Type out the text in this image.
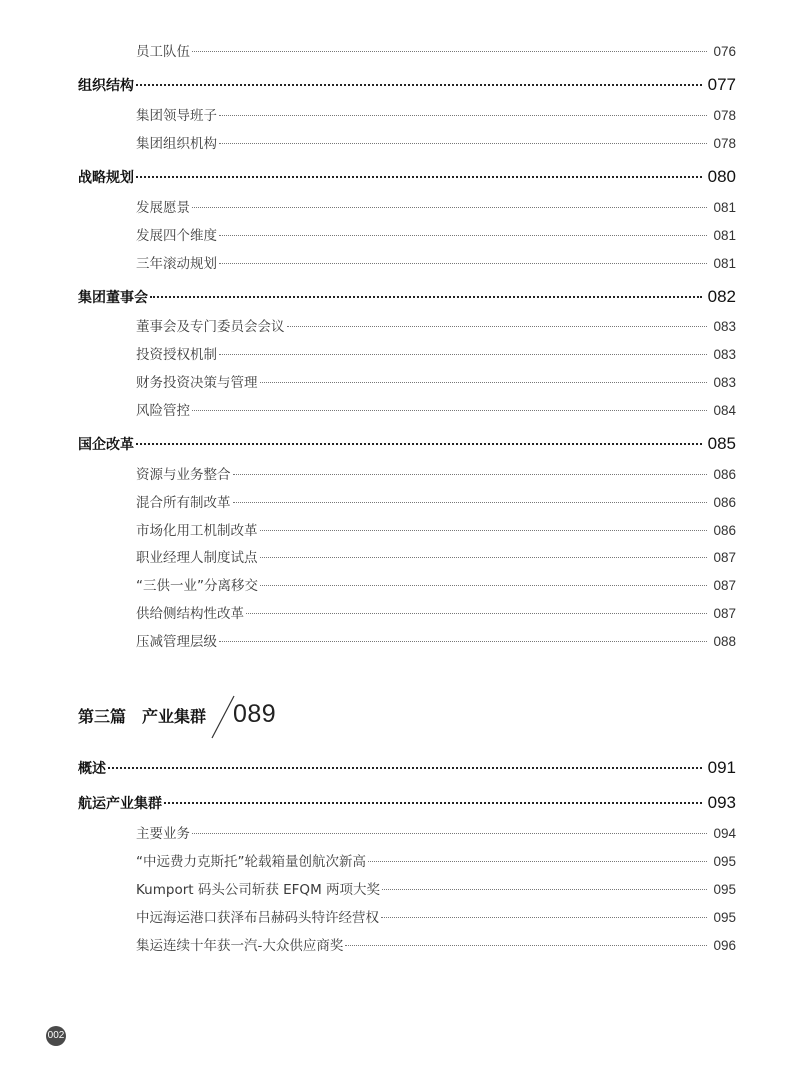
员工队伍	076
组织结构	077
集团领导班子	078
集团组织机构	078
战略规划	080
发展愿景	081
发展四个维度	081
三年滚动规划	081
集团董事会	082
董事会及专门委员会会议	083
投资授权机制	083
财务投资决策与管理	083
风险管控	084
国企改革	085
资源与业务整合	086
混合所有制改革	086
市场化用工机制改革	086
职业经理人制度试点	087
“三供一业”分离移交	087
供给侧结构性改革	087
压减管理层级	088
第三篇　产业集群 089
概述	091
航运产业集群	093
主要业务	094
“中远费力克斯托”轮载箱量创航次新高	095
Kumport 码头公司斩获 EFQM 两项大奖	095
中远海运港口获泽布吕赫码头特许经营权	095
集运连续十年获一汽-大众供应商奖	096
002
